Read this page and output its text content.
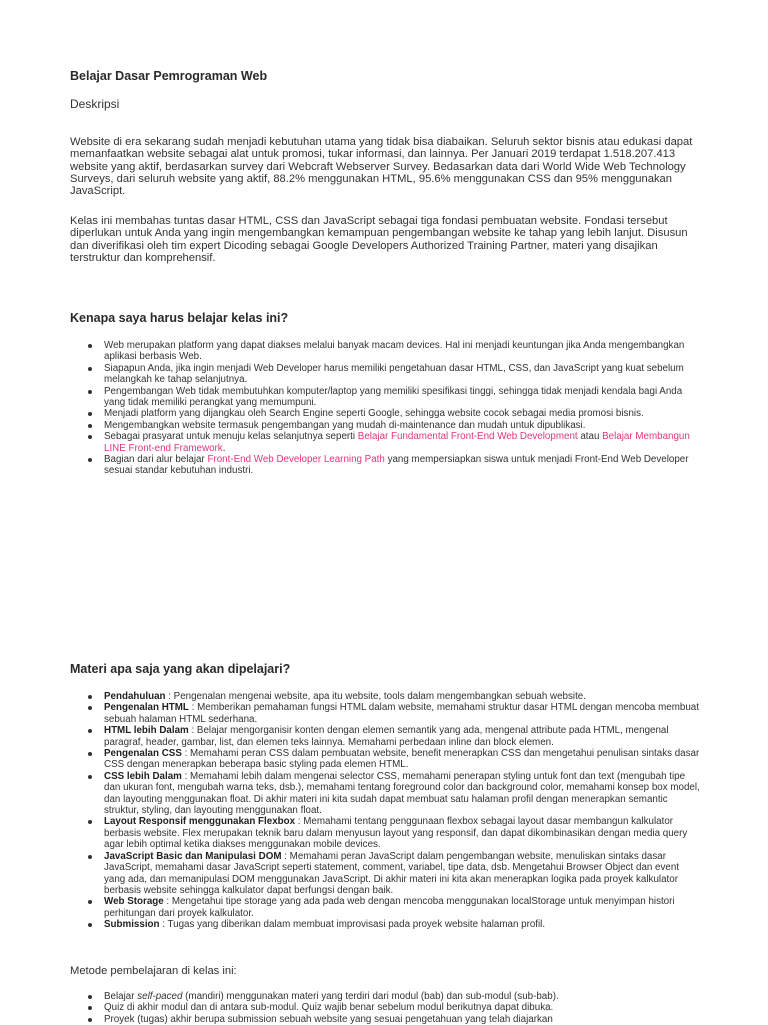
Belajar Dasar Pemrograman Web

Deskripsi

Website di era sekarang sudah menjadi kebutuhan utama yang tidak bisa diabaikan. Seluruh sektor bisnis atau edukasi dapat memanfaatkan website sebagai alat untuk promosi, tukar informasi, dan lainnya. Per Januari 2019 terdapat 1.518.207.413 website yang aktif, berdasarkan survey dari Webcraft Webserver Survey. Bedasarkan data dari World Wide Web Technology Surveys, dari seluruh website yang aktif, 88.2% menggunakan HTML, 95.6% menggunakan CSS dan 95% menggunakan JavaScript.

Kelas ini membahas tuntas dasar HTML, CSS dan JavaScript sebagai tiga fondasi pembuatan website. Fondasi tersebut diperlukan untuk Anda yang ingin mengembangkan kemampuan pengembangan website ke tahap yang lebih lanjut. Disusun dan diverifikasi oleh tim expert Dicoding sebagai Google Developers Authorized Training Partner, materi yang disajikan terstruktur dan komprehensif.

Kenapa saya harus belajar kelas ini?
Web merupakan platform yang dapat diakses melalui banyak macam devices. Hal ini menjadi keuntungan jika Anda mengembangkan aplikasi berbasis Web.
Siapapun Anda, jika ingin menjadi Web Developer harus memiliki pengetahuan dasar HTML, CSS, dan JavaScript yang kuat sebelum melangkah ke tahap selanjutnya.
Pengembangan Web tidak membutuhkan komputer/laptop yang memiliki spesifikasi tinggi, sehingga tidak menjadi kendala bagi Anda yang tidak memiliki perangkat yang memumpuni.
Menjadi platform yang dijangkau oleh Search Engine seperti Google, sehingga website cocok sebagai media promosi bisnis.
Mengembangkan website termasuk pengembangan yang mudah di-maintenance dan mudah untuk dipublikasi.
Sebagai prasyarat untuk menuju kelas selanjutnya seperti Belajar Fundamental Front-End Web Development atau Belajar Membangun LINE Front-end Framework.
Bagian dari alur belajar Front-End Web Developer Learning Path yang mempersiapkan siswa untuk menjadi Front-End Web Developer sesuai standar kebutuhan industri.
Materi apa saja yang akan dipelajari?
Pendahuluan : Pengenalan mengenai website, apa itu website, tools dalam mengembangkan sebuah website.
Pengenalan HTML : Memberikan pemahaman fungsi HTML dalam website, memahami struktur dasar HTML dengan mencoba membuat sebuah halaman HTML sederhana.
HTML lebih Dalam : Belajar mengorganisir konten dengan elemen semantik yang ada, mengenal attribute pada HTML, mengenal paragraf, header, gambar, list, dan elemen teks lainnya. Memahami perbedaan inline dan block elemen.
Pengenalan CSS : Memahami peran CSS dalam pembuatan website, benefit menerapkan CSS dan mengetahui penulisan sintaks dasar CSS dengan menerapkan beberapa basic styling pada elemen HTML.
CSS lebih Dalam : Memahami lebih dalam mengenai selector CSS, memahami penerapan styling untuk font dan text (mengubah tipe dan ukuran font, mengubah warna teks, dsb.), memahami tentang foreground color dan background color, memahami konsep box model, dan layouting menggunakan float. Di akhir materi ini kita sudah dapat membuat satu halaman profil dengan menerapkan semantic struktur, styling, dan layouting menggunakan float.
Layout Responsif menggunakan Flexbox : Memahami tentang penggunaan flexbox sebagai layout dasar membangun kalkulator berbasis website. Flex merupakan teknik baru dalam menyusun layout yang responsif, dan dapat dikombinasikan dengan media query agar lebih optimal ketika diakses menggunakan mobile devices.
JavaScript Basic dan Manipulasi DOM : Memahami peran JavaScript dalam pengembangan website, menuliskan sintaks dasar JavaScript, memahami dasar JavaScript seperti statement, comment, variabel, tipe data, dsb. Mengetahui Browser Object dan event yang ada, dan memanipulasi DOM menggunakan JavaScript. Di akhir materi ini kita akan menerapkan logika pada proyek kalkulator berbasis website sehingga kalkulator dapat berfungsi dengan baik.
Web Storage : Mengetahui tipe storage yang ada pada web dengan mencoba menggunakan localStorage untuk menyimpan histori perhitungan dari proyek kalkulator.
Submission : Tugas yang diberikan dalam membuat improvisasi pada proyek website halaman profil.

Metode pembelajaran di kelas ini:

Belajar self-paced (mandiri) menggunakan materi yang terdiri dari modul (bab) dan sub-modul (sub-bab).
Quiz di akhir modul dan di antara sub-modul. Quiz wajib benar sebelum modul berikutnya dapat dibuka.
Proyek (tugas) akhir berupa submission sebuah website yang sesuai pengetahuan yang telah diajarkan
